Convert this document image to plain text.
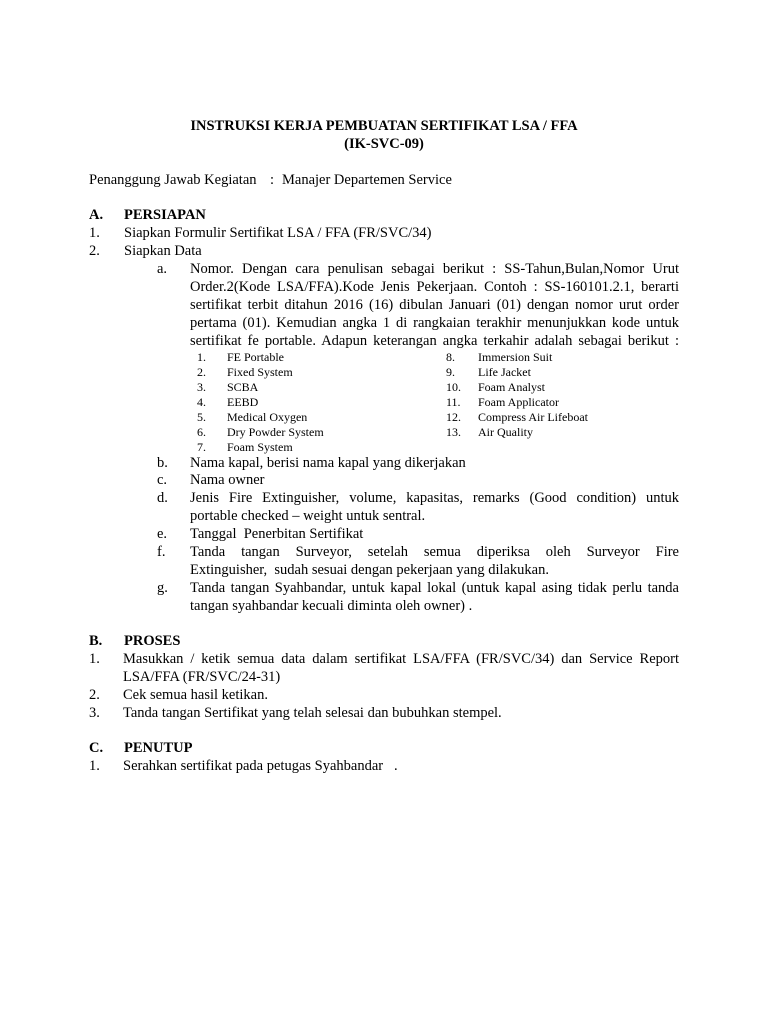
INSTRUKSI KERJA PEMBUATAN SERTIFIKAT LSA / FFA
(IK-SVC-09)
Penanggung Jawab Kegiatan : Manajer Departemen Service
A. PERSIAPAN
1. Siapkan Formulir Sertifikat LSA / FFA (FR/SVC/34)
2. Siapkan Data
a. Nomor. Dengan cara penulisan sebagai berikut : SS-Tahun,Bulan,Nomor Urut
Order.2(Kode LSA/FFA).Kode Jenis Pekerjaan. Contoh : SS-160101.2.1, berarti
sertifikat terbit ditahun 2016 (16) dibulan Januari (01) dengan nomor urut order
pertama (01). Kemudian angka 1 di rangkaian terakhir menunjukkan kode untuk
sertifikat fe portable. Adapun keterangan angka terkahir adalah sebagai berikut :
1. FE Portable
2. Fixed System
3. SCBA
4. EEBD
5. Medical Oxygen
6. Dry Powder System
7. Foam System
8. Immersion Suit
9. Life Jacket
10. Foam Analyst
11. Foam Applicator
12. Compress Air Lifeboat
13. Air Quality
b. Nama kapal, berisi nama kapal yang dikerjakan
c. Nama owner
d. Jenis Fire Extinguisher, volume, kapasitas, remarks (Good condition) untuk
portable checked – weight untuk sentral.
e. Tanggal  Penerbitan Sertifikat
f. Tanda tangan Surveyor, setelah semua diperiksa oleh Surveyor Fire
Extinguisher,  sudah sesuai dengan pekerjaan yang dilakukan.
g. Tanda tangan Syahbandar, untuk kapal lokal (untuk kapal asing tidak perlu tanda
tangan syahbandar kecuali diminta oleh owner) .
B. PROSES
1. Masukkan / ketik semua data dalam sertifikat LSA/FFA (FR/SVC/34) dan Service Report
LSA/FFA (FR/SVC/24-31)
2. Cek semua hasil ketikan.
3. Tanda tangan Sertifikat yang telah selesai dan bubuhkan stempel.
C. PENUTUP
1. Serahkan sertifikat pada petugas Syahbandar   .
